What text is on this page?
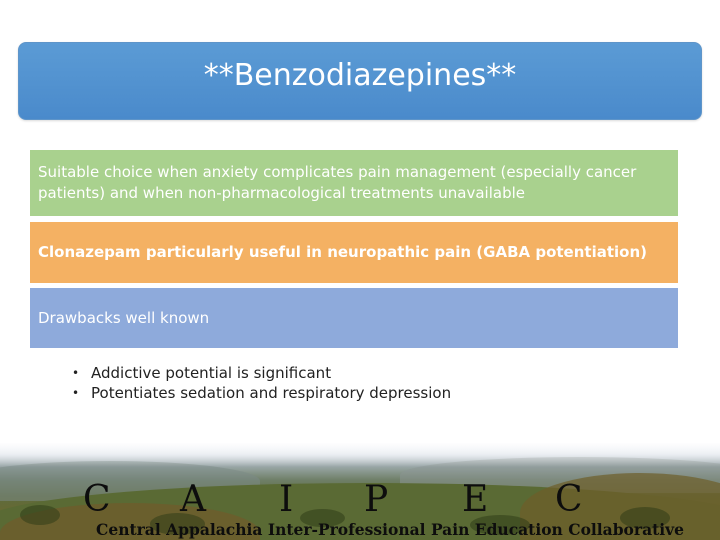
**Benzodiazepines**
Suitable choice when anxiety complicates pain management (especially cancer patients) and when non-pharmacological treatments unavailable
Clonazepam particularly useful in neuropathic pain (GABA potentiation)
Drawbacks well known
• Addictive potential is significant
• Potentiates sedation and respiratory depression
C A I P E C
Central Appalachia Inter-Professional Pain Education Collaborative
